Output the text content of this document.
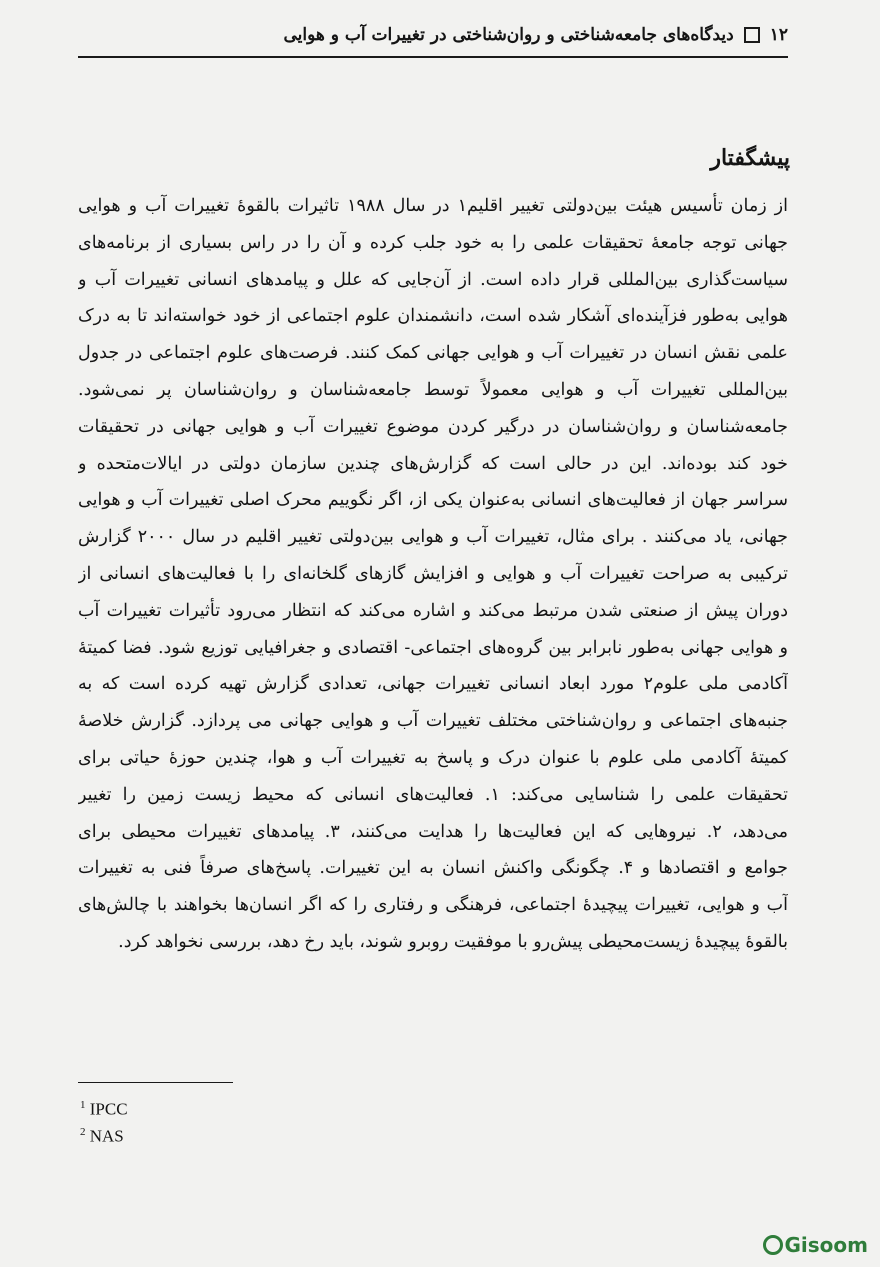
۱۲
دیدگاه‌های جامعه‌شناختی و روان‌شناختی در تغییرات آب و هوایی
پیشگفتار
از زمان تأسیس هیئت بین‌دولتی تغییر اقلیم۱ در سال ۱۹۸۸ تاثیرات بالقوهٔ تغییرات آب و هوایی
جهانی توجه جامعهٔ تحقیقات علمی را به خود جلب کرده و آن را در راس بسیاری از برنامه‌های
سیاست‌گذاری بین‌المللی قرار داده است. از آن‌جایی که علل و پیامدهای انسانی تغییرات آب و
هوایی به‌طور فزآینده‌ای آشکار شده است، دانشمندان علوم اجتماعی از خود خواسته‌اند تا به درک
علمی نقش انسان در تغییرات آب و هوایی جهانی کمک کنند. فرصت‌های علوم اجتماعی در جدول
بین‌المللی تغییرات آب و هوایی معمولاً توسط جامعه‌شناسان و روان‌شناسان پر نمی‌شود.
جامعه‌شناسان و روان‌شناسان در درگیر کردن موضوع تغییرات آب و هوایی جهانی در تحقیقات
خود کند بوده‌اند. این در حالی است که گزارش‌های چندین سازمان دولتی در ایالات‌متحده و
سراسر جهان از فعالیت‌های انسانی به‌عنوان یکی از، اگر نگوییم محرک اصلی تغییرات آب و هوایی
جهانی، یاد می‌کنند . برای مثال، تغییرات آب و هوایی بین‌دولتی تغییر اقلیم در سال ۲۰۰۰ گزارش
ترکیبی به صراحت تغییرات آب و هوایی و افزایش گازهای گلخانه‌ای را با فعالیت‌های انسانی از
دوران پیش از صنعتی شدن مرتبط می‌کند و اشاره می‌کند که انتظار می‌رود تأثیرات تغییرات آب
و هوایی جهانی به‌طور نابرابر بین گروه‌های اجتماعی- اقتصادی و جغرافیایی توزیع شود. فضا کمیتهٔ
آکادمی ملی علوم۲ مورد ابعاد انسانی تغییرات جهانی، تعدادی گزارش تهیه کرده است که به
جنبه‌های اجتماعی و روان‌شناختی مختلف تغییرات آب و هوایی جهانی می پردازد. گزارش خلاصهٔ
کمیتهٔ آکادمی ملی علوم با عنوان درک و پاسخ به تغییرات آب و هوا، چندین حوزهٔ حیاتی برای
تحقیقات علمی را شناسایی می‌کند: ۱. فعالیت‌های انسانی که محیط زیست زمین را تغییر
می‌دهد، ۲. نیروهایی که این فعالیت‌ها را هدایت می‌کنند، ۳. پیامدهای تغییرات محیطی برای
جوامع و اقتصادها و ۴. چگونگی واکنش انسان به این تغییرات. پاسخ‌های صرفاً فنی به تغییرات
آب و هوایی، تغییرات پیچیدهٔ اجتماعی، فرهنگی و رفتاری را که اگر انسان‌ها بخواهند با چالش‌های
بالقوهٔ پیچیدهٔ زیست‌محیطی پیش‌رو با موفقیت روبرو شوند، باید رخ دهد، بررسی نخواهد کرد.
$^1$ IPCC
$^2$ NAS
Gisoom
